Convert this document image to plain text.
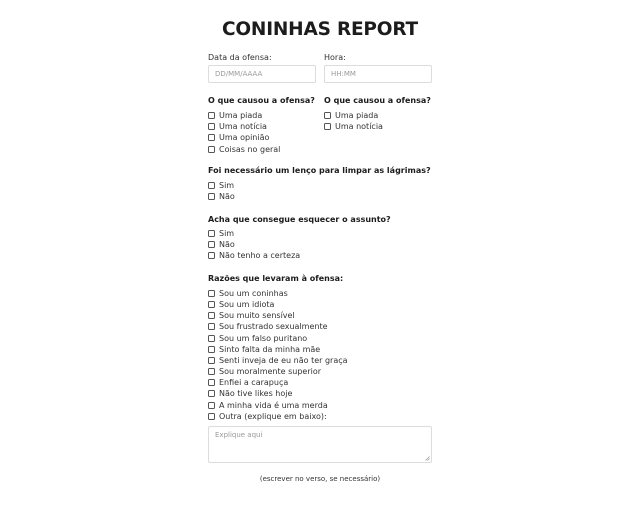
CONINHAS REPORT
Data da ofensa:
DD/MM/AAAA
Hora:
HH:MM
O que causou a ofensa?
Uma piada
Uma notícia
Uma opinião
Coisas no geral
O que causou a ofensa?
Uma piada
Uma notícia
Foi necessário um lenço para limpar as lágrimas?
Sim
Não
Acha que consegue esquecer o assunto?
Sim
Não
Não tenho a certeza
Razões que levaram à ofensa:
Sou um coninhas
Sou um idiota
Sou muito sensível
Sou frustrado sexualmente
Sou um falso puritano
Sinto falta da minha mãe
Senti inveja de eu não ter graça
Sou moralmente superior
Enfiei a carapuça
Não tive likes hoje
A minha vida é uma merda
Outra (explique em baixo):
Explique aqui
(escrever no verso, se necessário)
